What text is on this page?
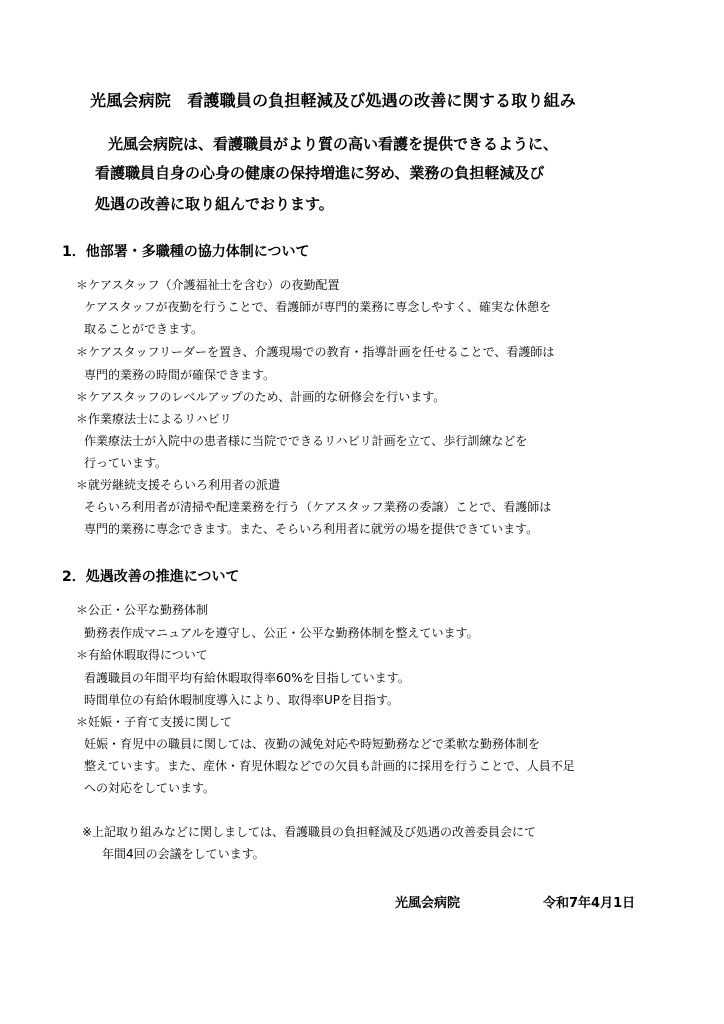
光風会病院　看護職員の負担軽減及び処遇の改善に関する取り組み
光風会病院は、看護職員がより質の高い看護を提供できるように、
看護職員自身の心身の健康の保持増進に努め、業務の負担軽減及び
処遇の改善に取り組んでおります。
1．他部署・多職種の協力体制について
＊ケアスタッフ（介護福祉士を含む）の夜勤配置
ケアスタッフが夜勤を行うことで、看護師が専門的業務に専念しやすく、確実な休憩を
取ることができます。
＊ケアスタッフリーダーを置き、介護現場での教育・指導計画を任せることで、看護師は
専門的業務の時間が確保できます。
＊ケアスタッフのレベルアップのため、計画的な研修会を行います。
＊作業療法士によるリハビリ
作業療法士が入院中の患者様に当院でできるリハビリ計画を立て、歩行訓練などを
行っています。
＊就労継続支援そらいろ利用者の派遣
そらいろ利用者が清掃や配達業務を行う（ケアスタッフ業務の委譲）ことで、看護師は
専門的業務に専念できます。また、そらいろ利用者に就労の場を提供できています。
2．処遇改善の推進について
＊公正・公平な勤務体制
勤務表作成マニュアルを遵守し、公正・公平な勤務体制を整えています。
＊有給休暇取得について
看護職員の年間平均有給休暇取得率60%を目指しています。
時間単位の有給休暇制度導入により、取得率UPを目指す。
＊妊娠・子育て支援に関して
妊娠・育児中の職員に関しては、夜勤の減免対応や時短勤務などで柔軟な勤務体制を
整えています。また、産休・育児休暇などでの欠員も計画的に採用を行うことで、人員不足
への対応をしています。
※上記取り組みなどに関しましては、看護職員の負担軽減及び処遇の改善委員会にて
年間4回の会議をしています。
光風会病院	令和7年4月1日
